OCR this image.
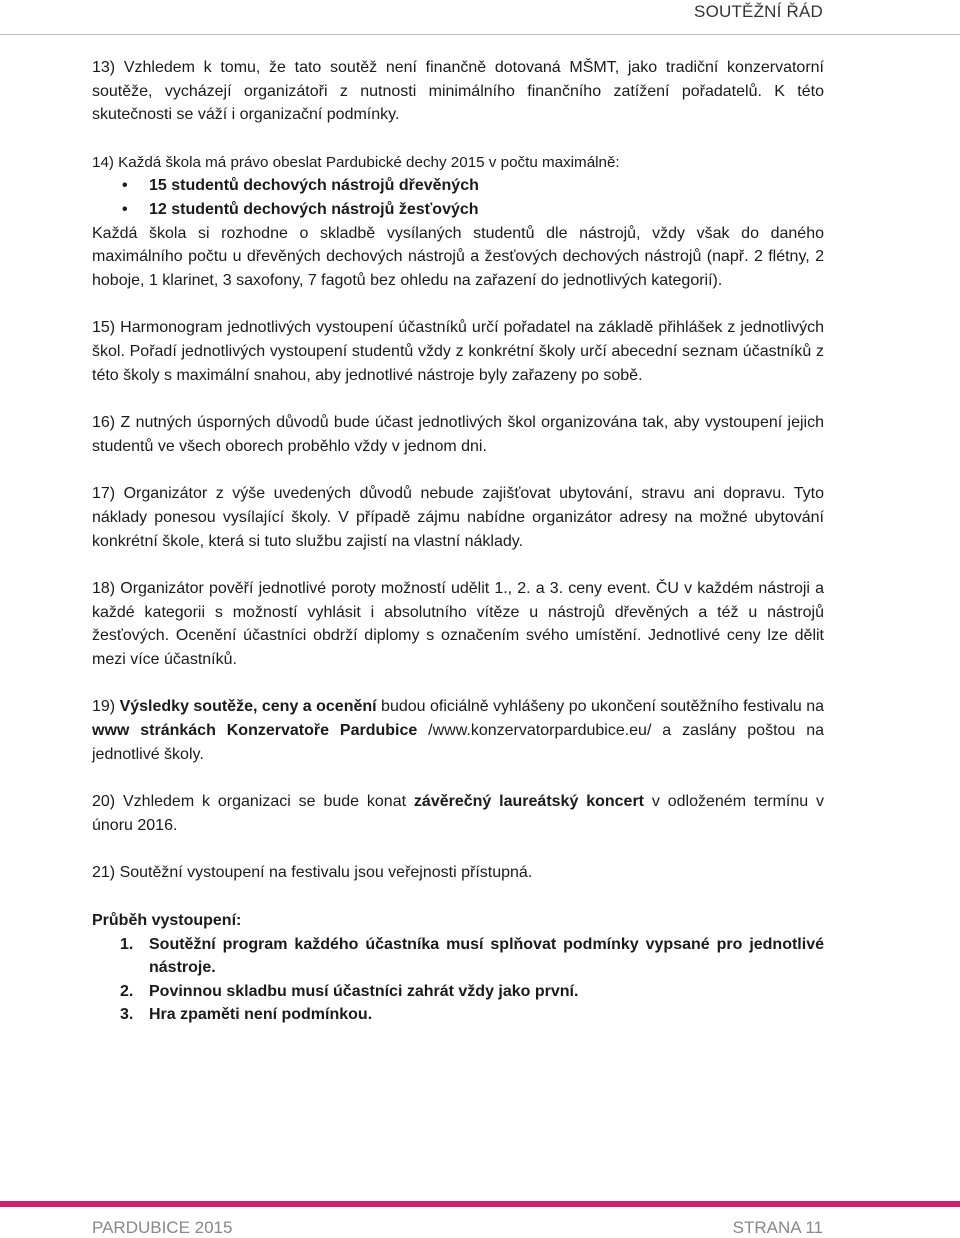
SOUTĚŽNÍ ŘÁD

13) Vzhledem k tomu, že tato soutěž není finančně dotovaná MŠMT, jako tradiční konzervatorní soutěže, vycházejí organizátoři z nutnosti minimálního finančního zatížení pořadatelů. K této skutečnosti se váží i organizační podmínky.

14) Každá škola má právo obeslat Pardubické dechy 2015 v počtu maximálně:

• 15 studentů dechových nástrojů dřevěných
• 12 studentů dechových nástrojů žesťových

Každá škola si rozhodne o skladbě vysílaných studentů dle nástrojů, vždy však do daného maximálního počtu u dřevěných dechových nástrojů a žesťových dechových nástrojů (např. 2 flétny, 2 hoboje, 1 klarinet, 3 saxofony, 7 fagotů bez ohledu na zařazení do jednotlivých kategorií).

15) Harmonogram jednotlivých vystoupení účastníků určí pořadatel na základě přihlášek z jednotlivých škol. Pořadí jednotlivých vystoupení studentů vždy z konkrétní školy určí abecední seznam účastníků z této školy s maximální snahou, aby jednotlivé nástroje byly zařazeny po sobě.

16) Z nutných úsporných důvodů bude účast jednotlivých škol organizována tak, aby vystoupení jejich studentů ve všech oborech proběhlo vždy v jednom dni.

17) Organizátor z výše uvedených důvodů nebude zajišťovat ubytování, stravu ani dopravu. Tyto náklady ponesou vysílající školy. V případě zájmu nabídne organizátor adresy na možné ubytování konkrétní škole, která si tuto službu zajistí na vlastní náklady.

18) Organizátor pověří jednotlivé poroty možností udělit 1., 2. a 3. ceny event. ČU v každém nástroji a každé kategorii s možností vyhlásit i absolutního vítěze u nástrojů dřevěných a též u nástrojů žesťových. Ocenění účastníci obdrží diplomy s označením svého umístění. Jednotlivé ceny lze dělit mezi více účastníků.

19) Výsledky soutěže, ceny a ocenění budou oficiálně vyhlášeny po ukončení soutěžního festivalu na www stránkách Konzervatoře Pardubice /www.konzervatorpardubice.eu/ a zaslány poštou na jednotlivé školy.

20) Vzhledem k organizaci se bude konat závěrečný laureátský koncert v odloženém termínu v únoru 2016.

21) Soutěžní vystoupení na festivalu jsou veřejnosti přístupná.

Průběh vystoupení:

1. Soutěžní program každého účastníka musí splňovat podmínky vypsané pro jednotlivé nástroje.
2. Povinnou skladbu musí účastníci zahrát vždy jako první.
3. Hra zpaměti není podmínkou.
PARDUBICE 2015	STRANA 11
